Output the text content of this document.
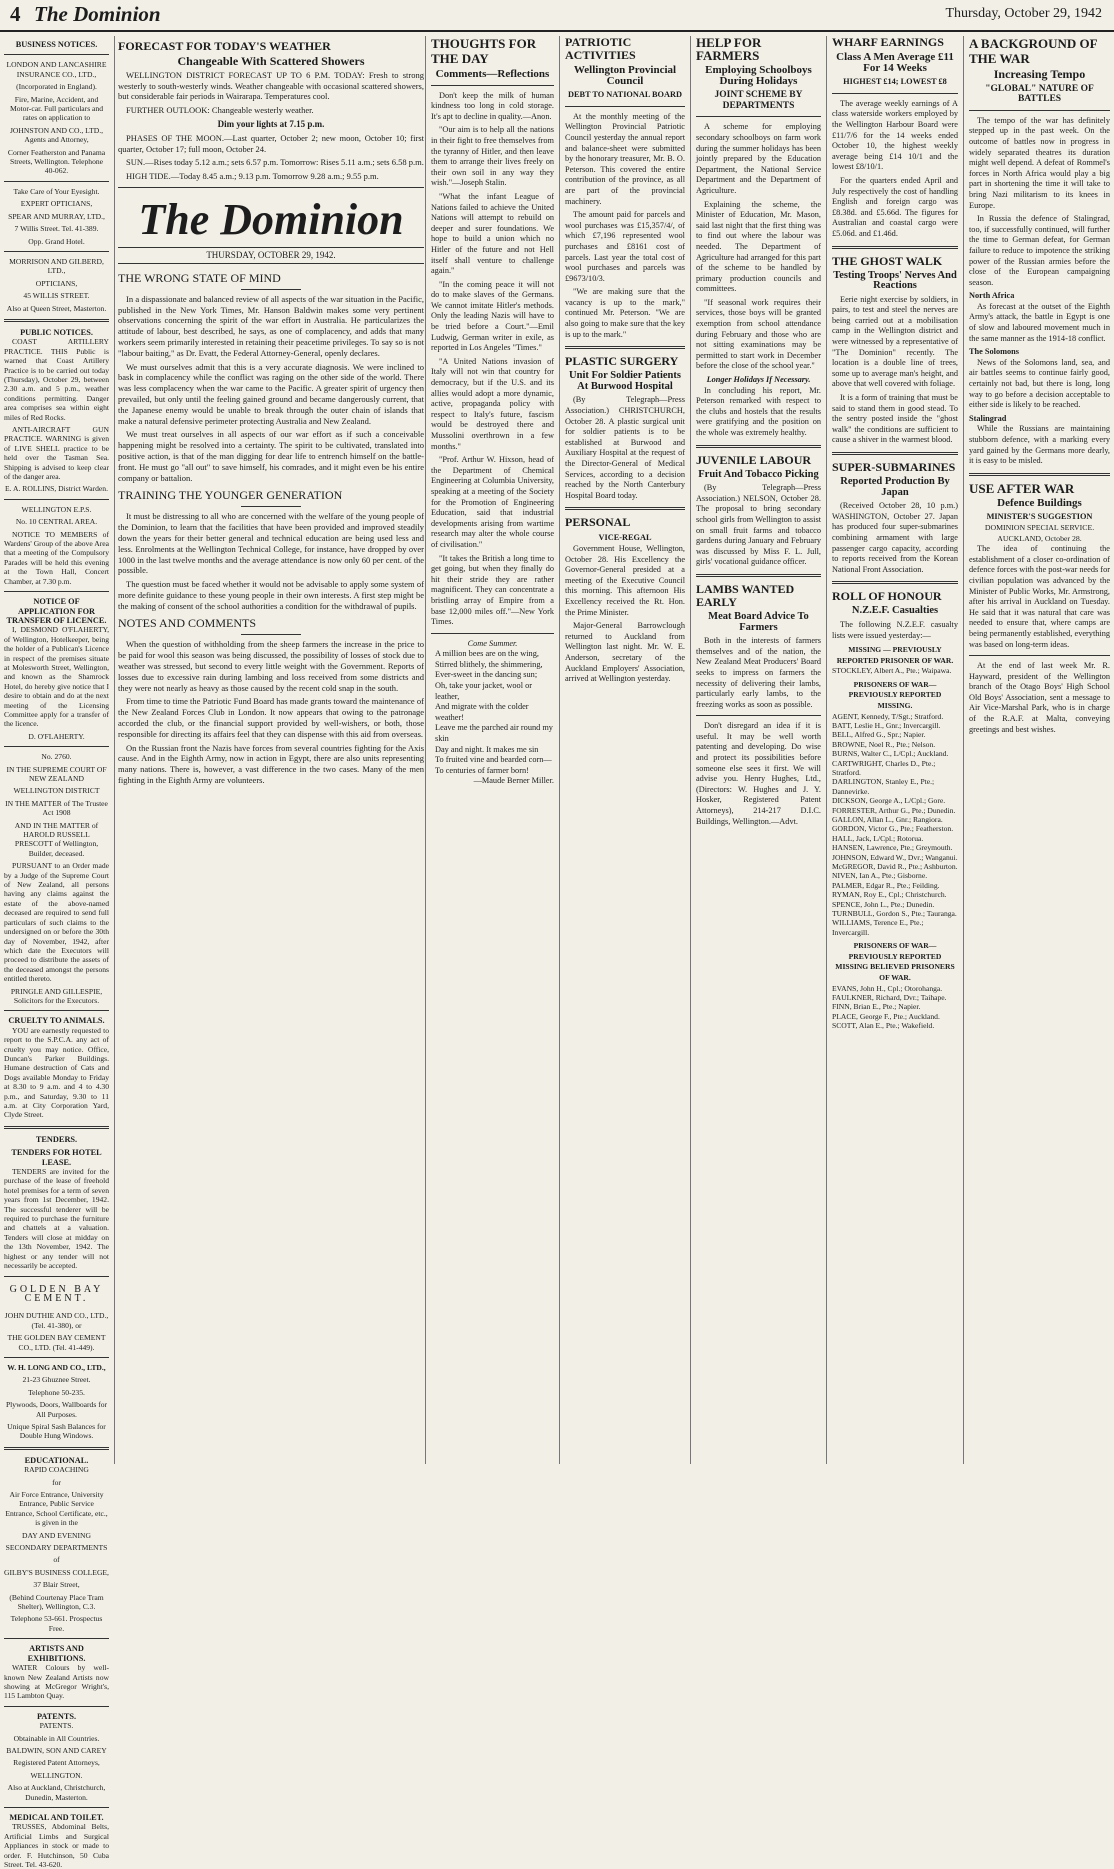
4 The Dominion	Thursday, October 29, 1942
BUSINESS NOTICES.

LONDON AND LANCASHIRE INSURANCE CO., LTD.,

(Incorporated in England).

Fire, Marine, Accident, and Motor-car. Full particulars and rates on application to

JOHNSTON AND CO., LTD., Agents and Attorney,

Corner Featherston and Panama Streets, Wellington. Telephone 40-062.

Take Care of Your Eyesight.

EXPERT OPTICIANS,

SPEAR AND MURRAY, LTD.,

7 Willis Street. Tel. 41-389.

Opp. Grand Hotel.

MORRISON AND GILBERD, LTD.,

OPTICIANS,

45 WILLIS STREET.

Also at Queen Street, Masterton.

PUBLIC NOTICES.

COAST ARTILLERY PRACTICE. THIS Public is warned that Coast Artillery Practice is to be carried out today (Thursday), October 29, between 2.30 a.m. and 5 p.m., weather conditions permitting. Danger area comprises sea within eight miles of Red Rocks.

ANTI-AIRCRAFT GUN PRACTICE. WARNING is given of LIVE SHELL practice to be held over the Tasman Sea. Shipping is advised to keep clear of the danger area.

E. A. ROLLINS, District Warden.

WELLINGTON E.P.S.

No. 10 CENTRAL AREA.

NOTICE TO MEMBERS of Wardens' Group of the above Area that a meeting of the Compulsory Parades will be held this evening at the Town Hall, Concert Chamber, at 7.30 p.m.

NOTICE OF APPLICATION FOR TRANSFER OF LICENCE.

I, DESMOND O'FLAHERTY, of Wellington, Hotelkeeper, being the holder of a Publican's Licence in respect of the premises situate at Molesworth Street, Wellington, and known as the Shamrock Hotel, do hereby give notice that I desire to obtain and do at the next meeting of the Licensing Committee apply for a transfer of the licence.

D. O'FLAHERTY.

No. 2760.

IN THE SUPREME COURT OF NEW ZEALAND

WELLINGTON DISTRICT

IN THE MATTER of The Trustee Act 1908

AND IN THE MATTER of HAROLD RUSSELL PRESCOTT of Wellington, Builder, deceased.

PURSUANT to an Order made by a Judge of the Supreme Court of New Zealand, all persons having any claims against the estate of the above-named deceased are required to send full particulars of such claims to the undersigned on or before the 30th day of November, 1942, after which date the Executors will proceed to distribute the assets of the deceased amongst the persons entitled thereto.

PRINGLE AND GILLESPIE, Solicitors for the Executors.
CRUELTY TO ANIMALS.

YOU are earnestly requested to report to the S.P.C.A. any act of cruelty you may notice. Office, Duncan's Parker Buildings. Humane destruction of Cats and Dogs available Monday to Friday at 8.30 to 9 a.m. and 4 to 4.30 p.m., and Saturday, 9.30 to 11 a.m. at City Corporation Yard, Clyde Street.

TENDERS.
TENDERS FOR HOTEL LEASE.

TENDERS are invited for the purchase of the lease of freehold hotel premises for a term of seven years from 1st December, 1942. The successful tenderer will be required to purchase the furniture and chattels at a valuation. Tenders will close at midday on the 13th November, 1942. The highest or any tender will not necessarily be accepted.

GOLDEN BAY
CEMENT.

JOHN DUTHIE AND CO., LTD., (Tel. 41-380), or

THE GOLDEN BAY CEMENT CO., LTD. (Tel. 41-449).

W. H. LONG AND CO., LTD.,

21-23 Ghuznee Street.

Telephone 50-235.

Plywoods, Doors, Wallboards for All Purposes.

Unique Spiral Sash Balances for Double Hung Windows.

EDUCATIONAL.

RAPID COACHING

for

Air Force Entrance, University Entrance, Public Service Entrance, School Certificate, etc., is given in the

DAY AND EVENING

SECONDARY DEPARTMENTS

of

GILBY'S BUSINESS COLLEGE,

37 Blair Street,

(Behind Courtenay Place Tram Shelter), Wellington, C.3.

Telephone 53-661. Prospectus Free.

ARTISTS AND EXHIBITIONS.

WATER Colours by well-known New Zealand Artists now showing at McGregor Wright's, 115 Lambton Quay.

PATENTS.

PATENTS.

Obtainable in All Countries.

BALDWIN, SON AND CAREY

Registered Patent Attorneys,

WELLINGTON.

Also at Auckland, Christchurch, Dunedin, Masterton.

MEDICAL AND TOILET.

TRUSSES, Abdominal Belts, Artificial Limbs and Surgical Appliances in stock or made to order. F. Hutchinson, 50 Cuba Street. Tel. 43-620.

FORECAST FOR TODAY'S WEATHER
Changeable With Scattered Showers

WELLINGTON DISTRICT FORECAST UP TO 6 P.M. TODAY: Fresh to strong westerly to south-westerly winds. Weather changeable with occasional scattered showers, but considerable fair periods in Wairarapa. Temperatures cool.

FURTHER OUTLOOK: Changeable westerly weather.

Dim your lights at 7.15 p.m.

PHASES OF THE MOON.—Last quarter, October 2; new moon, October 10; first quarter, October 17; full moon, October 24.

SUN.—Rises today 5.12 a.m.; sets 6.57 p.m. Tomorrow: Rises 5.11 a.m.; sets 6.58 p.m.

HIGH TIDE.—Today 8.45 a.m.; 9.13 p.m. Tomorrow 9.28 a.m.; 9.55 p.m.

The Dominion
THURSDAY, OCTOBER 29, 1942.
THE WRONG STATE OF MIND

In a dispassionate and balanced review of all aspects of the war situation in the Pacific, published in the New York Times, Mr. Hanson Baldwin makes some very pertinent observations concerning the spirit of the war effort in Australia. He particularizes the attitude of labour, best described, he says, as one of complacency, and adds that many workers seem primarily interested in retaining their peacetime privileges. To say so is not "labour baiting," as Dr. Evatt, the Federal Attorney-General, openly declares.

We must ourselves admit that this is a very accurate diagnosis. We were inclined to bask in complacency while the conflict was raging on the other side of the world. There was less complacency when the war came to the Pacific. A greater spirit of urgency then prevailed, but only until the feeling gained ground and became dangerously current, that the Japanese enemy would be unable to break through the outer chain of islands that make a natural defensive perimeter protecting Australia and New Zealand.

We must treat ourselves in all aspects of our war effort as if such a conceivable happening might be resolved into a certainty. The spirit to be cultivated, translated into positive action, is that of the man digging for dear life to entrench himself on the battle-front. He must go "all out" to save himself, his comrades, and it might even be his entire company or battalion.

TRAINING THE YOUNGER GENERATION

It must be distressing to all who are concerned with the welfare of the young people of the Dominion, to learn that the facilities that have been provided and improved steadily down the years for their better general and technical education are being used less and less. Enrolments at the Wellington Technical College, for instance, have dropped by over 1000 in the last twelve months and the average attendance is now only 60 per cent. of the possible.

The question must be faced whether it would not be advisable to apply some system of more definite guidance to these young people in their own interests. A first step might be the making of consent of the school authorities a condition for the withdrawal of pupils.

NOTES AND COMMENTS

When the question of withholding from the sheep farmers the increase in the price to be paid for wool this season was being discussed, the possibility of losses of stock due to weather was stressed, but second to every little weight with the Government. Reports of losses due to excessive rain during lambing and loss received from some districts and they were not nearly as heavy as those caused by the recent cold snap in the south.

From time to time the Patriotic Fund Board has made grants toward the maintenance of the New Zealand Forces Club in London. It now appears that owing to the patronage accorded the club, or the financial support provided by well-wishers, or both, those responsible for directing its affairs feel that they can dispense with this aid from overseas.

On the Russian front the Nazis have forces from several countries fighting for the Axis cause. And in the Eighth Army, now in action in Egypt, there are also units representing many nations. There is, however, a vast difference in the two cases. Many of the men fighting in the Eighth Army are volunteers.

THOUGHTS FOR THE DAY
Comments—Reflections

Don't keep the milk of human kindness too long in cold storage. It's apt to decline in quality.—Anon.

"Our aim is to help all the nations in their fight to free themselves from the tyranny of Hitler, and then leave them to arrange their lives freely on their own soil in any way they wish."—Joseph Stalin.

"What the infant League of Nations failed to achieve the United Nations will attempt to rebuild on deeper and surer foundations. We hope to build a union which no Hitler of the future and not Hell itself shall venture to challenge again."

"In the coming peace it will not do to make slaves of the Germans. We cannot imitate Hitler's methods. Only the leading Nazis will have to be tried before a Court."—Emil Ludwig, German writer in exile, as reported in Los Angeles "Times."

"A United Nations invasion of Italy will not win that country for democracy, but if the U.S. and its allies would adopt a more dynamic, active, propaganda policy with respect to Italy's future, fascism would be destroyed there and Mussolini overthrown in a few months."

"Prof. Arthur W. Hixson, head of the Department of Chemical Engineering at Columbia University, speaking at a meeting of the Society for the Promotion of Engineering Education, said that industrial developments arising from wartime research may alter the whole course of civilisation."

"It takes the British a long time to get going, but when they finally do hit their stride they are rather magnificent. They can concentrate a bristling array of Empire from a base 12,000 miles off."—New York Times.

Come Summer.
A million bees are on the wing,
Stirred blithely, the shimmering,
Ever-sweet in the dancing sun;
Oh, take your jacket, wool or leather,
And migrate with the colder weather!
Leave me the parched air round my skin
Day and night. It makes me sin
To fruited vine and bearded corn—
To centuries of farmer born!
—Maude Berner Miller.
PATRIOTIC ACTIVITIES
Wellington Provincial Council
DEBT TO NATIONAL BOARD

At the monthly meeting of the Wellington Provincial Patriotic Council yesterday the annual report and balance-sheet were submitted by the honorary treasurer, Mr. B. O. Peterson. This covered the entire contribution of the province, as all are part of the provincial machinery.

The amount paid for parcels and wool purchases was £15,357/4/, of which £7,196 represented wool purchases and £8161 cost of parcels. Last year the total cost of wool purchases and parcels was £9673/10/3.

"We are making sure that the vacancy is up to the mark," continued Mr. Peterson. "We are also going to make sure that the key is up to the mark."

PLASTIC SURGERY
Unit For Soldier Patients At Burwood Hospital

(By Telegraph—Press Association.) CHRISTCHURCH, October 28. A plastic surgical unit for soldier patients is to be established at Burwood and Auxiliary Hospital at the request of the Director-General of Medical Services, according to a decision reached by the North Canterbury Hospital Board today.

PERSONAL
VICE-REGAL

Government House, Wellington, October 28. His Excellency the Governor-General presided at a meeting of the Executive Council this morning. This afternoon His Excellency received the Rt. Hon. the Prime Minister.

Major-General Barrowclough returned to Auckland from Wellington last night. Mr. W. E. Anderson, secretary of the Auckland Employers' Association, arrived at Wellington yesterday.

HELP FOR FARMERS
Employing Schoolboys During Holidays
JOINT SCHEME BY DEPARTMENTS

A scheme for employing secondary schoolboys on farm work during the summer holidays has been jointly prepared by the Education Department, the National Service Department and the Department of Agriculture.

Explaining the scheme, the Minister of Education, Mr. Mason, said last night that the first thing was to find out where the labour was needed. The Department of Agriculture had arranged for this part of the scheme to be handled by primary production councils and committees.

"If seasonal work requires their services, those boys will be granted exemption from school attendance during February and those who are not sitting examinations may be permitted to start work in December before the close of the school year."

Longer Holidays If Necessary.

In concluding his report, Mr. Peterson remarked with respect to the clubs and hostels that the results were gratifying and the position on the whole was extremely healthy.

JUVENILE LABOUR
Fruit And Tobacco Picking

(By Telegraph—Press Association.) NELSON, October 28. The proposal to bring secondary school girls from Wellington to assist on small fruit farms and tobacco gardens during January and February was discussed by Miss F. L. Jull, girls' vocational guidance officer.

LAMBS WANTED EARLY
Meat Board Advice To Farmers

Both in the interests of farmers themselves and of the nation, the New Zealand Meat Producers' Board seeks to impress on farmers the necessity of delivering their lambs, particularly early lambs, to the freezing works as soon as possible.

Don't disregard an idea if it is useful. It may be well worth patenting and developing. Do wise and protect its possibilities before someone else sees it first. We will advise you. Henry Hughes, Ltd., (Directors: W. Hughes and J. Y. Hosker, Registered Patent Attorneys), 214-217 D.I.C. Buildings, Wellington.—Advt.

WHARF EARNINGS
Class A Men Average £11 For 14 Weeks
HIGHEST £14; LOWEST £8

The average weekly earnings of A class waterside workers employed by the Wellington Harbour Board were £11/7/6 for the 14 weeks ended October 10, the highest weekly average being £14 10/1 and the lowest £8/10/1.

For the quarters ended April and July respectively the cost of handling English and foreign cargo was £8.38d. and £5.66d. The figures for Australian and coastal cargo were £5.06d. and £1.46d.

THE GHOST WALK
Testing Troops' Nerves And Reactions

Eerie night exercise by soldiers, in pairs, to test and steel the nerves are being carried out at a mobilisation camp in the Wellington district and were witnessed by a representative of "The Dominion" recently. The location is a double line of trees, some up to average man's height, and above that well covered with foliage.

It is a form of training that must be said to stand them in good stead. To the sentry posted inside the "ghost walk" the conditions are sufficient to cause a shiver in the warmest blood.

SUPER-SUBMARINES
Reported Production By Japan

(Received October 28, 10 p.m.) WASHINGTON, October 27. Japan has produced four super-submarines combining armament with large passenger cargo capacity, according to reports received from the Korean National Front Association.

ROLL OF HONOUR
N.Z.E.F. Casualties

The following N.Z.E.F. casualty lists were issued yesterday:—

MISSING — PREVIOUSLY REPORTED PRISONER OF WAR.
STOCKLEY, Albert A., Pte.; Waipawa.
PRISONERS OF WAR—PREVIOUSLY REPORTED MISSING.
AGENT, Kennedy, T/Sgt.; Stratford.
BATT, Leslie H., Gnr.; Invercargill.
BELL, Alfred G., Spr.; Napier.
BROWNE, Noel R., Pte.; Nelson.
BURNS, Walter C., L/Cpl.; Auckland.
CARTWRIGHT, Charles D., Pte.; Stratford.
DARLINGTON, Stanley E., Pte.; Dannevirke.
DICKSON, George A., L/Cpl.; Gore.
FORRESTER, Arthur G., Pte.; Dunedin.
GALLON, Allan L., Gnr.; Rangiora.
GORDON, Victor G., Pte.; Featherston.
HALL, Jack, L/Cpl.; Rotorua.
HANSEN, Lawrence, Pte.; Greymouth.
JOHNSON, Edward W., Dvr.; Wanganui.
McGREGOR, David R., Pte.; Ashburton.
NIVEN, Ian A., Pte.; Gisborne.
PALMER, Edgar R., Pte.; Feilding.
RYMAN, Roy E., Cpl.; Christchurch.
SPENCE, John L., Pte.; Dunedin.
TURNBULL, Gordon S., Pte.; Tauranga.
WILLIAMS, Terence E., Pte.; Invercargill.
PRISONERS OF WAR—PREVIOUSLY REPORTED MISSING BELIEVED PRISONERS OF WAR.
EVANS, John H., Cpl.; Otorohanga.
FAULKNER, Richard, Dvr.; Taihape.
FINN, Brian E., Pte.; Napier.
PLACE, George F., Pte.; Auckland.
SCOTT, Alan E., Pte.; Wakefield.
A BACKGROUND OF THE WAR
Increasing Tempo
"GLOBAL" NATURE OF BATTLES

The tempo of the war has definitely stepped up in the past week. On the outcome of battles now in progress in widely separated theatres its duration might well depend. A defeat of Rommel's forces in North Africa would play a big part in shortening the time it will take to bring Nazi militarism to its knees in Europe.

In Russia the defence of Stalingrad, too, if successfully continued, will further the time to German defeat, for German failure to reduce to impotence the striking power of the Russian armies before the close of the European campaigning season.

North Africa

As forecast at the outset of the Eighth Army's attack, the battle in Egypt is one of slow and laboured movement much in the same manner as the 1914-18 conflict.

The Solomons

News of the Solomons land, sea, and air battles seems to continue fairly good, certainly not bad, but there is long, long way to go before a decision acceptable to either side is likely to be reached.

Stalingrad

While the Russians are maintaining stubborn defence, with a marking every yard gained by the Germans more dearly, it is easy to be misled.

USE AFTER WAR
Defence Buildings
MINISTER'S SUGGESTION
DOMINION SPECIAL SERVICE. AUCKLAND, October 28.

The idea of continuing the establishment of a closer co-ordination of defence forces with the post-war needs for civilian population was advanced by the Minister of Public Works, Mr. Armstrong, after his arrival in Auckland on Tuesday. He said that it was natural that care was needed to ensure that, where camps are being permanently established, everything was based on long-term ideas.

At the end of last week Mr. R. Hayward, president of the Wellington branch of the Otago Boys' High School Old Boys' Association, sent a message to Air Vice-Marshal Park, who is in charge of the R.A.F. at Malta, conveying greetings and best wishes.
